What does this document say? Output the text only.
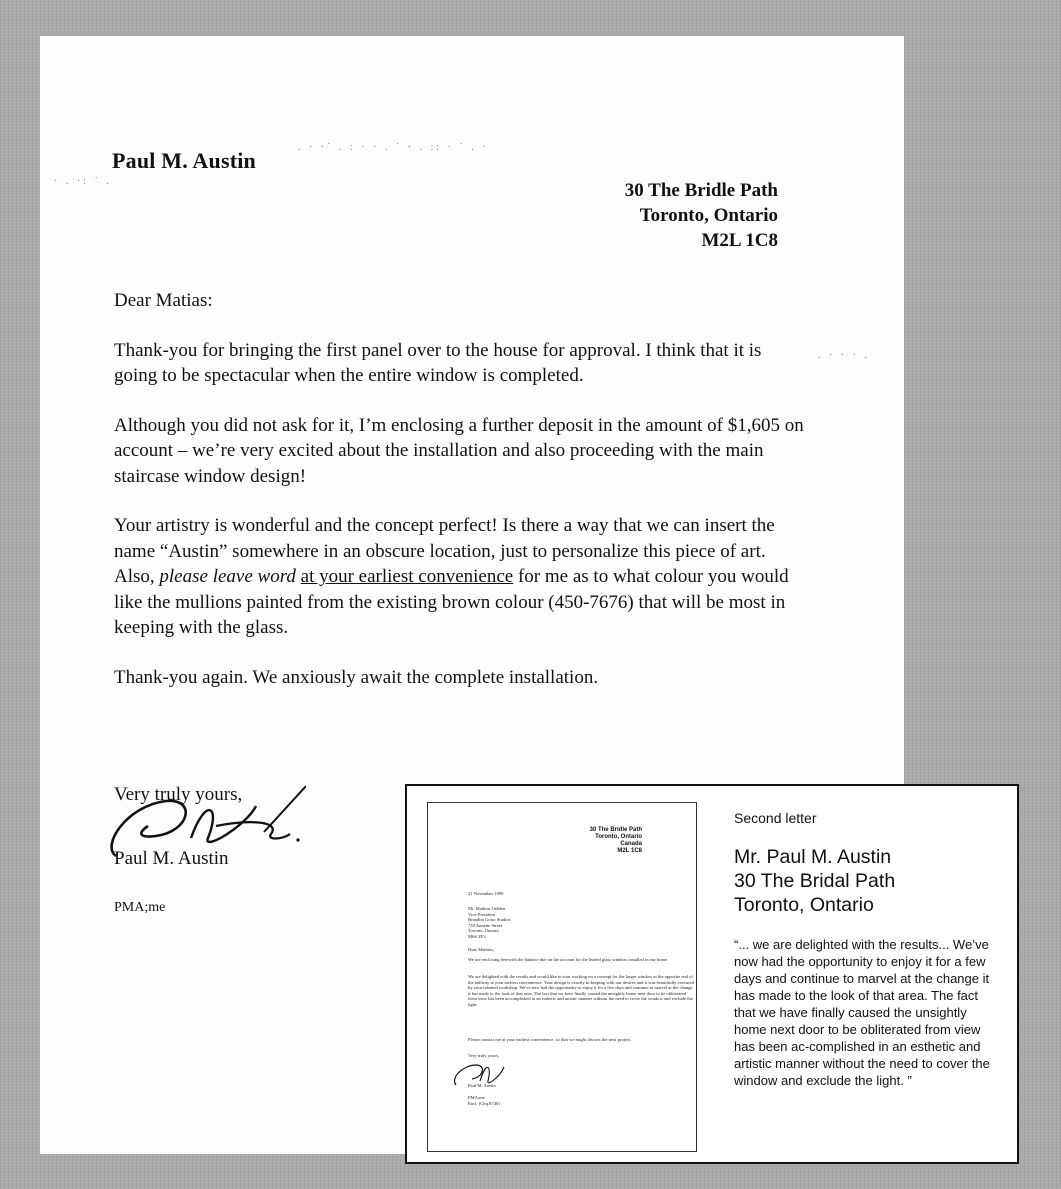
· . ·: ˙ .
. · ·˙ . : · · . ˙ · . :: · ˙ . ·
. · · · .
Paul M. Austin
30 The Bridle Path
Toronto, Ontario
M2L 1C8

Dear Matias:

Thank-you for bringing the first panel over to the house for approval. I think that it is going to be spectacular when the entire window is completed.

Although you did not ask for it, I’m enclosing a further deposit in the amount of $1,605 on account – we’re very excited about the installation and also proceeding with the main staircase window design!

Your artistry is wonderful and the concept perfect! Is there a way that we can insert the name “Austin” somewhere in an obscure location, just to personalize this piece of art. Also, please leave word at your earliest convenience for me as to what colour you would like the mullions painted from the existing brown colour (450-7676) that will be most in keeping with the glass.

Thank-you again. We anxiously await the complete installation.

Very truly yours,
Paul M. Austin
PMA;me
30 The Bridle Path
Toronto, Ontario
Canada
M2L 1C8
21 November 1999
Mr. Mathias Oeldert
Vice-President
Brandon Gotro Studios
739 Annette Street
Toronto, Ontario
M6S 2E3
Dear Mathias,
We are enclosing herewith the balance due on the account for the leaded glass window installed in our home.
We are delighted with the results and would like to start working on a concept for the larger window at the opposite end of the hallway at your earliest convenience. Your design is exactly in keeping with our desires and it was beautifully executed by your talented workshop. We've now had the opportunity to enjoy it for a few days and continue to marvel at the change it has made to the look of that area. The fact that we have finally caused the unsightly home next door to be obliterated from view has been accomplished in an esthetic and artistic manner without the need to cover the window and exclude the light.
Please contact me at your earliest convenience, so that we might discuss the next project.
Very truly yours,
Paul M. Austin
PMA;me
Encl. (Chq.8740)
Second letter
Mr. Paul M. Austin
30 The Bridal Path
Toronto, Ontario
“... we are delighted with the results... We’ve now had the opportunity to enjoy it for a few days and continue to marvel at the change it has made to the look of that area. The fact that we have finally caused the unsightly home next door to be obliterated from view has been ac-complished in an esthetic and artistic manner without the need to cover the window and exclude the light. ”
